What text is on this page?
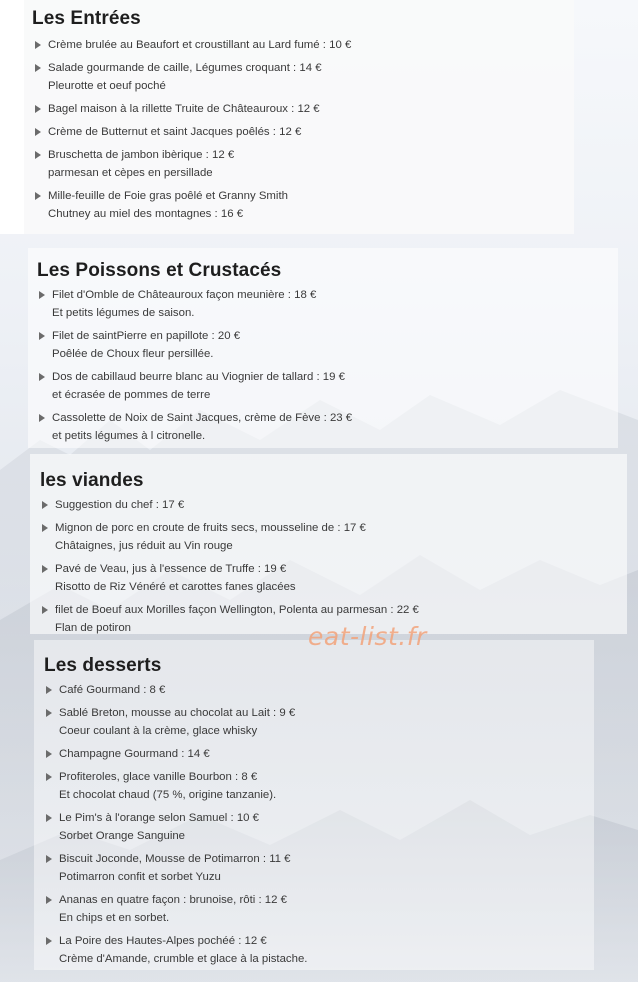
Les Entrées
Crème brulée au Beaufort et croustillant au Lard fumé : 10 €
Salade gourmande de caille, Légumes croquant : 14 €
Pleurotte et oeuf poché
Bagel maison à la rillette Truite de Châteauroux : 12 €
Crème de Butternut et saint Jacques poêlés : 12 €
Bruschetta de jambon ibèrique : 12 €
parmesan et cèpes en persillade
Mille-feuille de Foie gras poêlé et Granny Smith
Chutney au miel des montagnes : 16 €
Les Poissons et Crustacés
Filet d'Omble de Châteauroux façon meunière : 18 €
Et petits légumes de saison.
Filet de saintPierre en papillote : 20 €
Poêlée de Choux fleur persillée.
Dos de cabillaud beurre blanc au Viognier de tallard : 19 €
et écrasée de pommes de terre
Cassolette de Noix de Saint Jacques, crème de Fève : 23 €
et petits légumes à l citronelle.
les viandes
Suggestion du chef : 17 €
Mignon de porc en croute de fruits secs, mousseline de : 17 €
Châtaignes, jus réduit au Vin rouge
Pavé de Veau, jus à l'essence de Truffe : 19 €
Risotto de Riz Vénéré et carottes fanes glacées
filet de Boeuf aux Morilles façon Wellington, Polenta au parmesan : 22 €
Flan de potiron
Les desserts
Café Gourmand : 8 €
Sablé Breton, mousse au chocolat au Lait : 9 €
Coeur coulant à la crème, glace whisky
Champagne Gourmand : 14 €
Profiteroles, glace vanille Bourbon : 8 €
Et chocolat chaud (75 %, origine tanzanie).
Le Pim's à l'orange selon Samuel : 10 €
Sorbet Orange Sanguine
Biscuit Joconde, Mousse de Potimarron : 11 €
Potimarron confit et sorbet Yuzu
Ananas en quatre façon : brunoise, rôti : 12 €
En chips et en sorbet.
La Poire des Hautes-Alpes pochéé : 12 €
Crème d'Amande, crumble et glace à la pistache.
eat-list.fr
